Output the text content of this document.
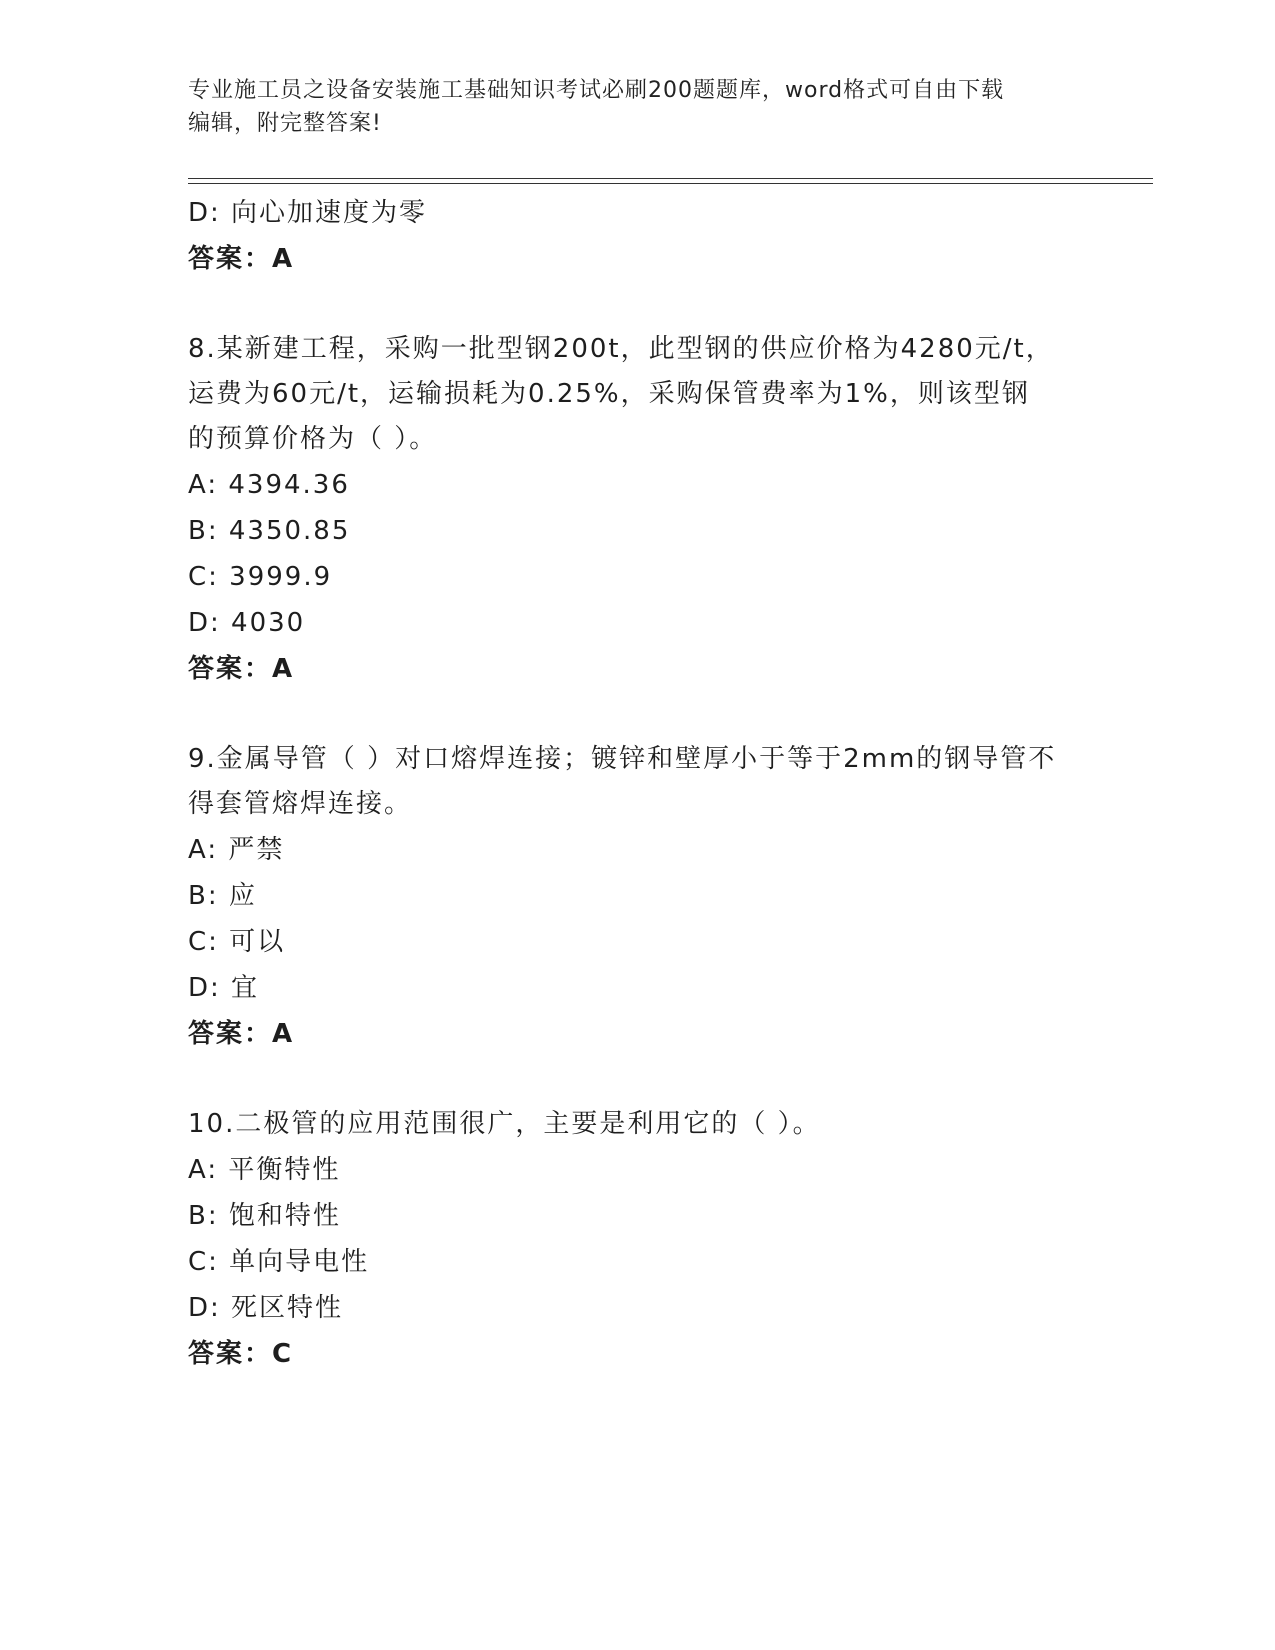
专业施工员之设备安装施工基础知识考试必刷200题题库，word格式可自由下载
编辑，附完整答案!
D: 向心加速度为零
答案：A
8.某新建工程，采购一批型钢200t，此型钢的供应价格为4280元/t，
运费为60元/t，运输损耗为0.25%，采购保管费率为1%，则该型钢
的预算价格为（ ）。
A: 4394.36
B: 4350.85
C: 3999.9
D: 4030
答案：A
9.金属导管（ ）对口熔焊连接；镀锌和壁厚小于等于2mm的钢导管不
得套管熔焊连接。
A: 严禁
B: 应
C: 可以
D: 宜
答案：A
10.二极管的应用范围很广，主要是利用它的（ ）。
A: 平衡特性
B: 饱和特性
C: 单向导电性
D: 死区特性
答案：C
